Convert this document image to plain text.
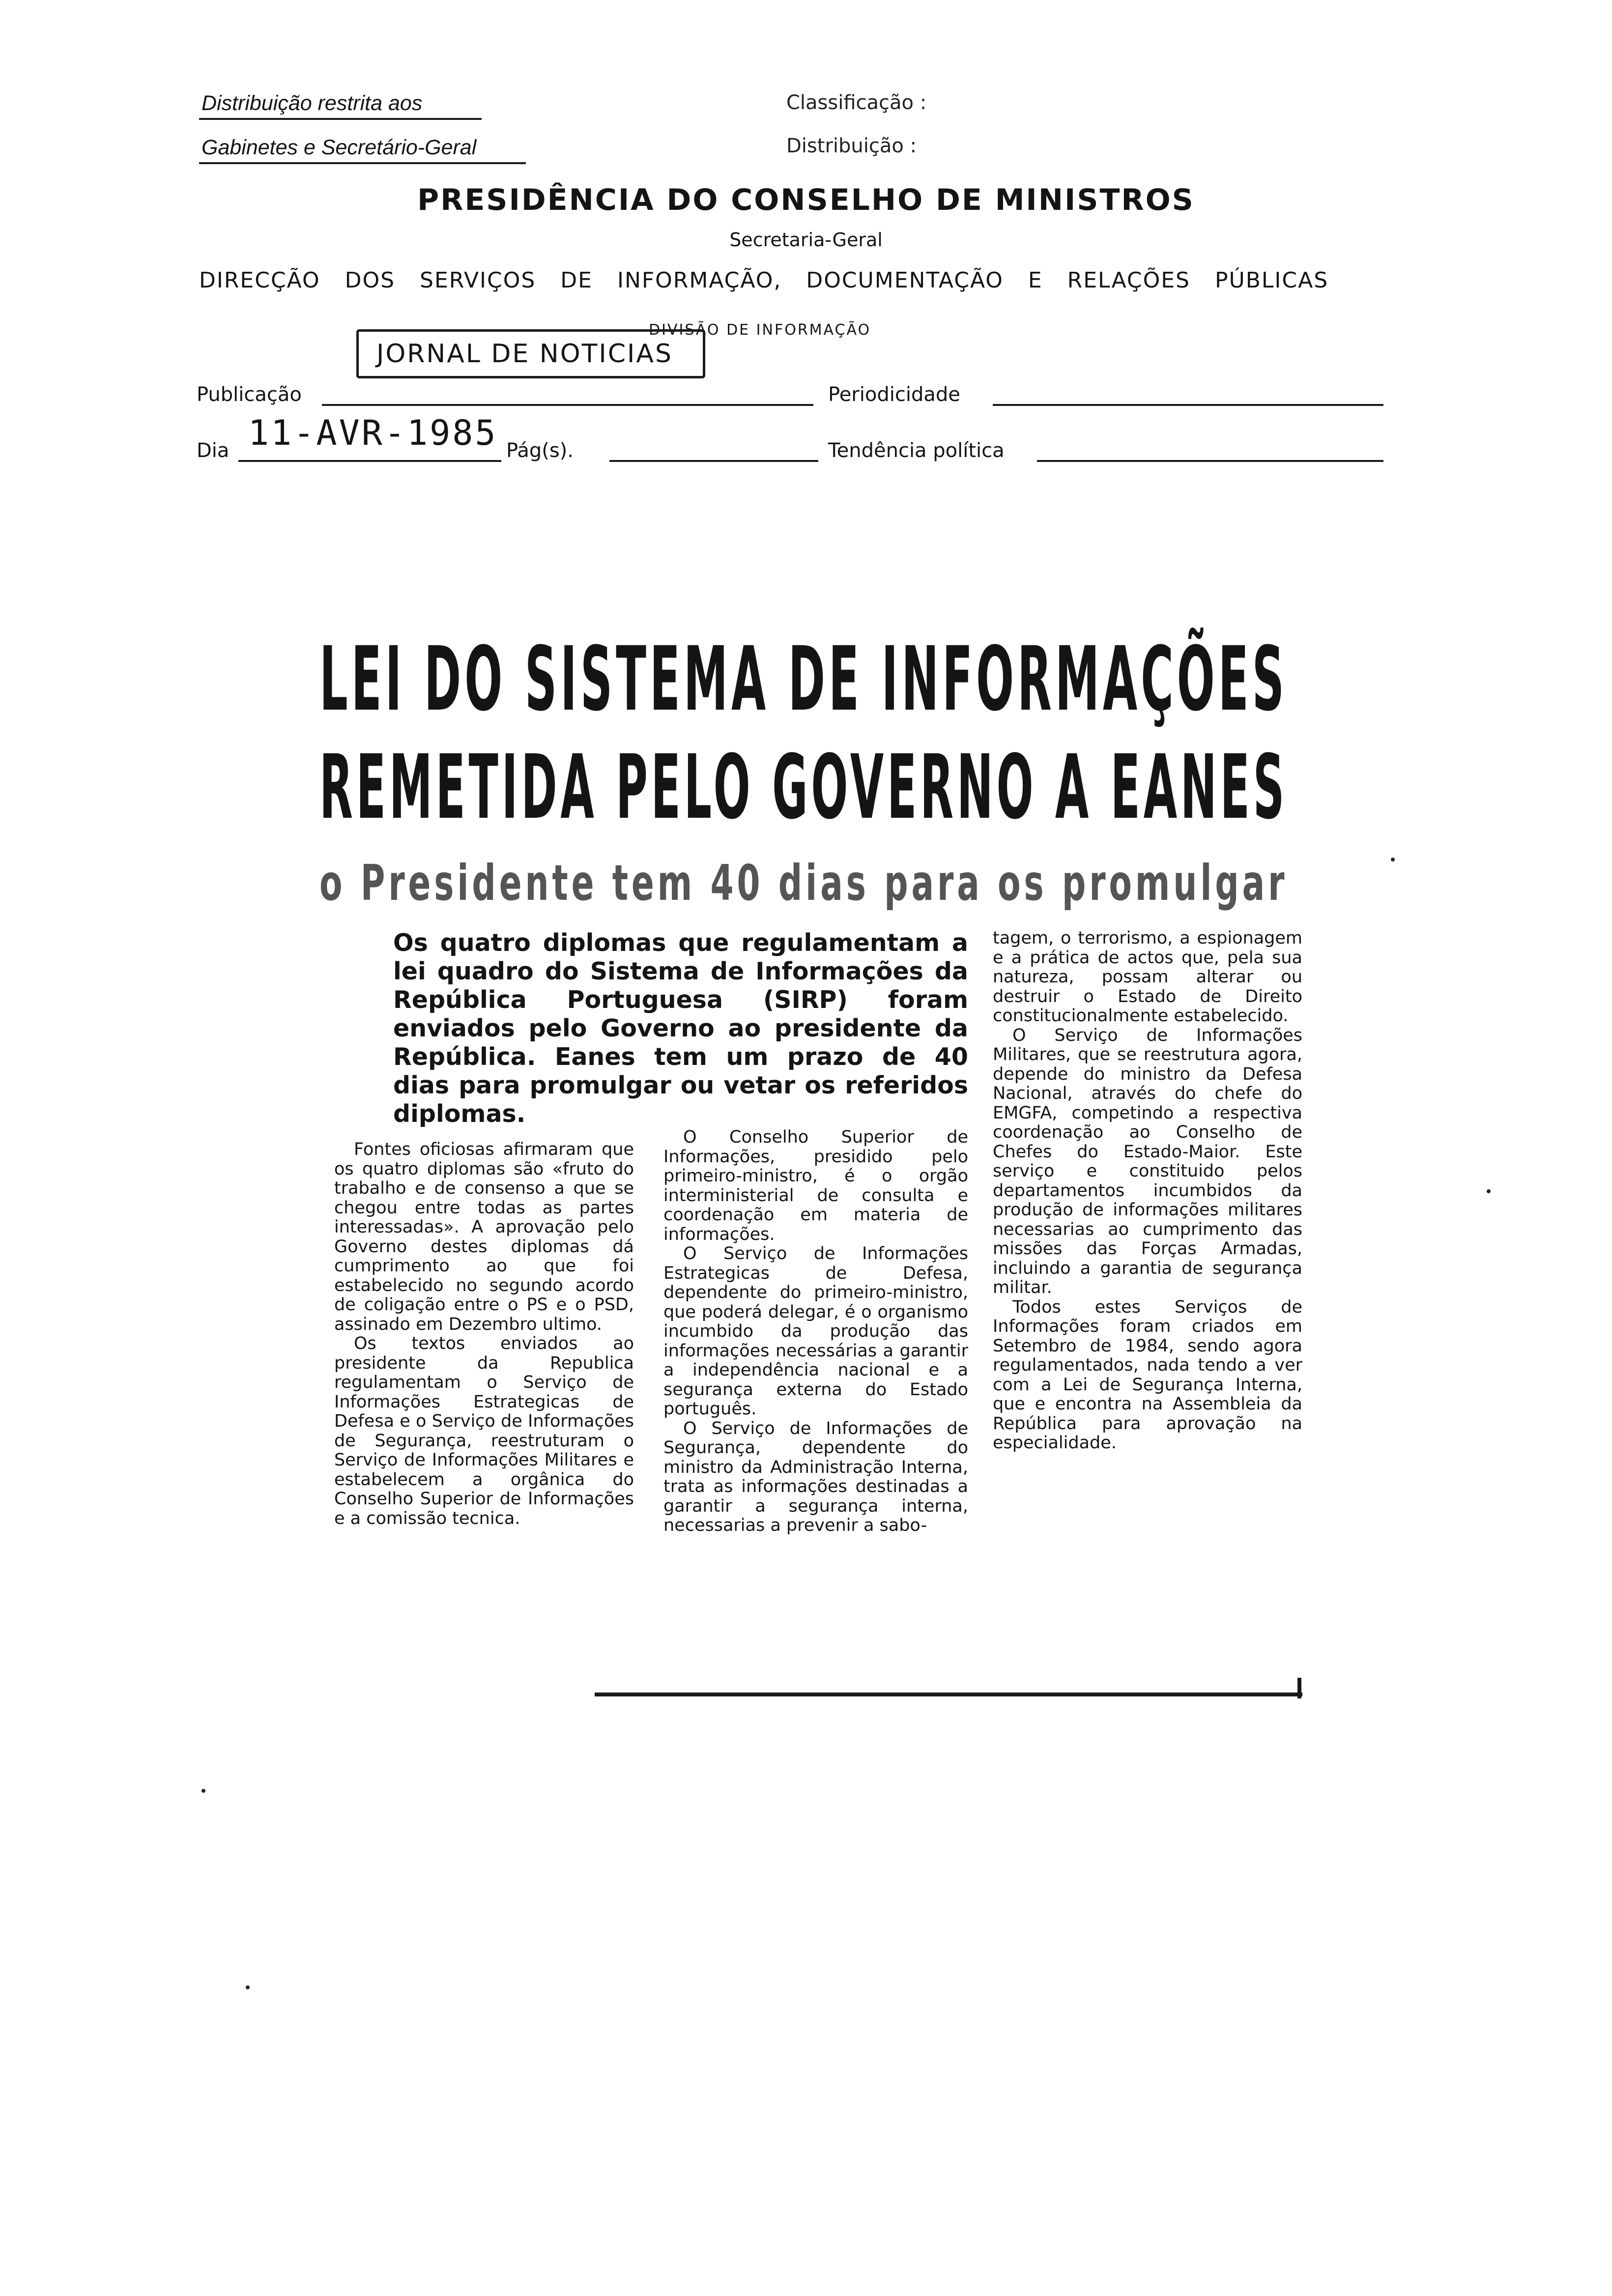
Distribuição restrita aos
Gabinetes e Secretário-Geral
Classificação :
Distribuição :
PRESIDÊNCIA DO CONSELHO DE MINISTROS
Secretaria-Geral
DIRECÇÃO DOS SERVIÇOS DE INFORMAÇÃO, DOCUMENTAÇÃO E RELAÇÕES PÚBLICAS
DIVISÃO DE INFORMAÇÃO
JORNAL DE NOTICIAS
Publicação	Periodicidade
Dia 11-AVR-1985 Pág(s).	Tendência política
LEI DO SISTEMA DE INFORMAÇÕES
REMETIDA PELO GOVERNO A EANES
o Presidente tem 40 dias para os promulgar
Os quatro diplomas que regulamentam a lei quadro do Sistema de Informações da República Portuguesa (SIRP) foram enviados pelo Governo ao presidente da República. Eanes tem um prazo de 40 dias para promulgar ou vetar os referidos diplomas.

Fontes oficiosas afirmaram que os quatro diplomas são «fruto do trabalho e de consenso a que se chegou entre todas as partes interessadas». A aprovação pelo Governo destes diplomas dá cumprimento ao que foi estabelecido no segundo acordo de coligação entre o PS e o PSD, assinado em Dezembro ultimo.

Os textos enviados ao presidente da Republica regulamentam o Serviço de Informações Estrategicas de Defesa e o Serviço de Informações de Segurança, reestruturam o Serviço de Informações Militares e estabelecem a orgânica do Conselho Superior de Informações e a comissão tecnica.

O Conselho Superior de Informações, presidido pelo primeiro-ministro, é o orgão interministerial de consulta e coordenação em materia de informações.

O Serviço de Informações Estrategicas de Defesa, dependente do primeiro-ministro, que poderá delegar, é o organismo incumbido da produção das informações necessárias a garantir a independência nacional e a segurança externa do Estado português.

O Serviço de Informações de Segurança, dependente do ministro da Administração Interna, trata as informações destinadas a garantir a segurança interna, necessarias a prevenir a sabo-

tagem, o terrorismo, a espionagem e a prática de actos que, pela sua natureza, possam alterar ou destruir o Estado de Direito constitucionalmente estabelecido.

O Serviço de Informações Militares, que se reestrutura agora, depende do ministro da Defesa Nacional, através do chefe do EMGFA, competindo a respectiva coordenação ao Conselho de Chefes do Estado-Maior. Este serviço e constituido pelos departamentos incumbidos da produção de informações militares necessarias ao cumprimento das missões das Forças Armadas, incluindo a garantia de segurança militar.

Todos estes Serviços de Informações foram criados em Setembro de 1984, sendo agora regulamentados, nada tendo a ver com a Lei de Segurança Interna, que e encontra na Assembleia da República para aprovação na especialidade.
